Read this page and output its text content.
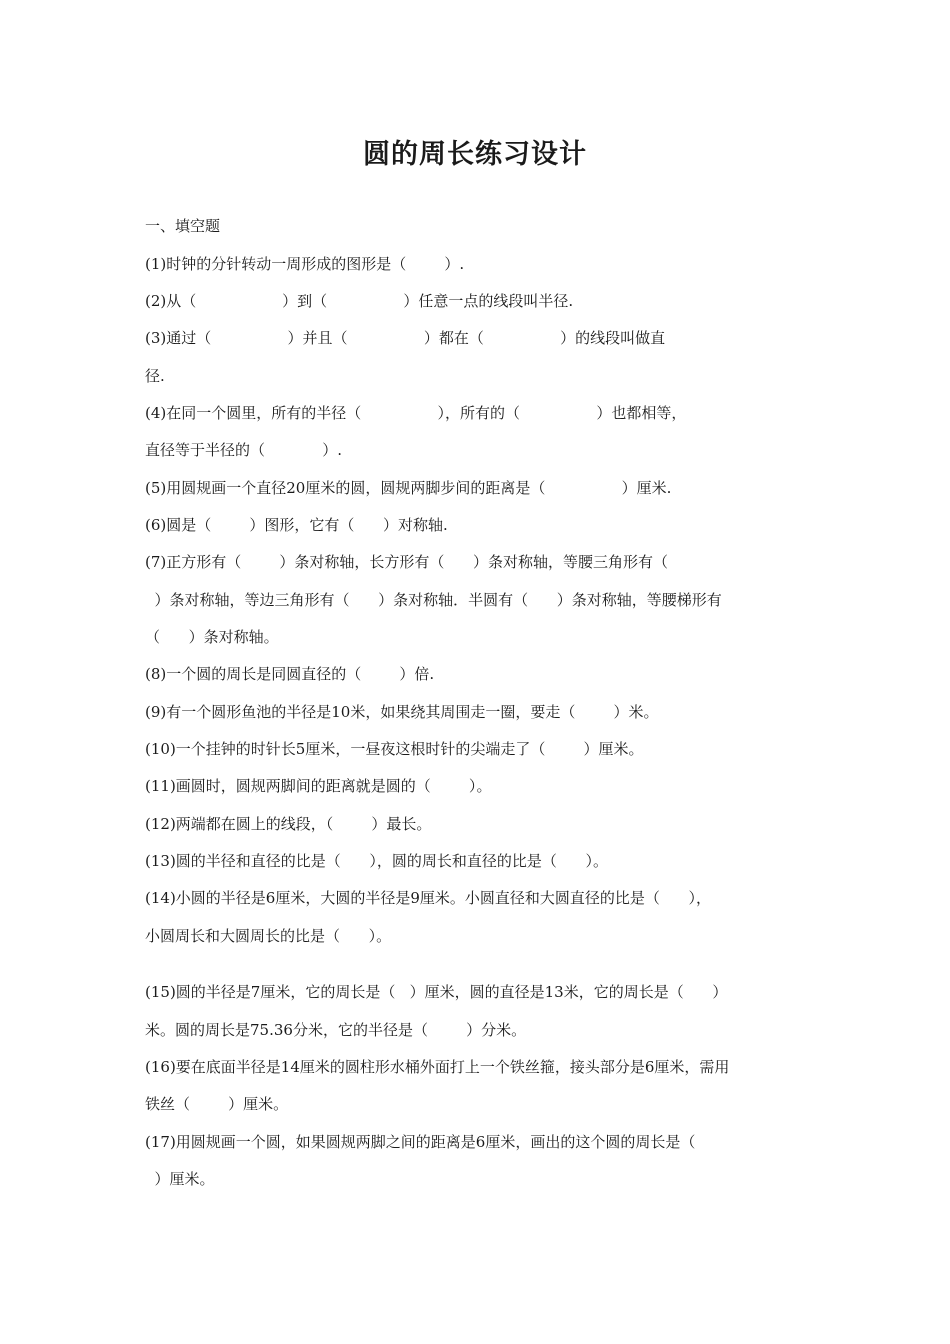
圆的周长练习设计

一、填空题

(1)时钟的分针转动一周形成的图形是（        ）.

(2)从（                  ）到（                ）任意一点的线段叫半径.

(3)通过（                ）并且（                ）都在（                ）的线段叫做直

径.

(4)在同一个圆里，所有的半径（                ），所有的（                ）也都相等，

直径等于半径的（            ）.

(5)用圆规画一个直径20厘米的圆，圆规两脚步间的距离是（                ）厘米.

(6)圆是（        ）图形，它有（      ）对称轴.

(7)正方形有（        ）条对称轴，长方形有（      ）条对称轴，等腰三角形有（

）条对称轴，等边三角形有（      ）条对称轴．半圆有（      ）条对称轴，等腰梯形有

（      ）条对称轴。

(8)一个圆的周长是同圆直径的（        ）倍.

(9)有一个圆形鱼池的半径是10米，如果绕其周围走一圈，要走（        ）米。

(10)一个挂钟的时针长5厘米，一昼夜这根时针的尖端走了（        ）厘米。

(11)画圆时，圆规两脚间的距离就是圆的（        ）。

(12)两端都在圆上的线段，（        ）最长。

(13)圆的半径和直径的比是（      ），圆的周长和直径的比是（      ）。

(14)小圆的半径是6厘米，大圆的半径是9厘米。小圆直径和大圆直径的比是（      ），

小圆周长和大圆周长的比是（      ）。

(15)圆的半径是7厘米，它的周长是（   ）厘米，圆的直径是13米，它的周长是（      ）

米。圆的周长是75.36分米，它的半径是（        ）分米。

(16)要在底面半径是14厘米的圆柱形水桶外面打上一个铁丝箍，接头部分是6厘米，需用

铁丝（        ）厘米。

(17)用圆规画一个圆，如果圆规两脚之间的距离是6厘米，画出的这个圆的周长是（

）厘米。
